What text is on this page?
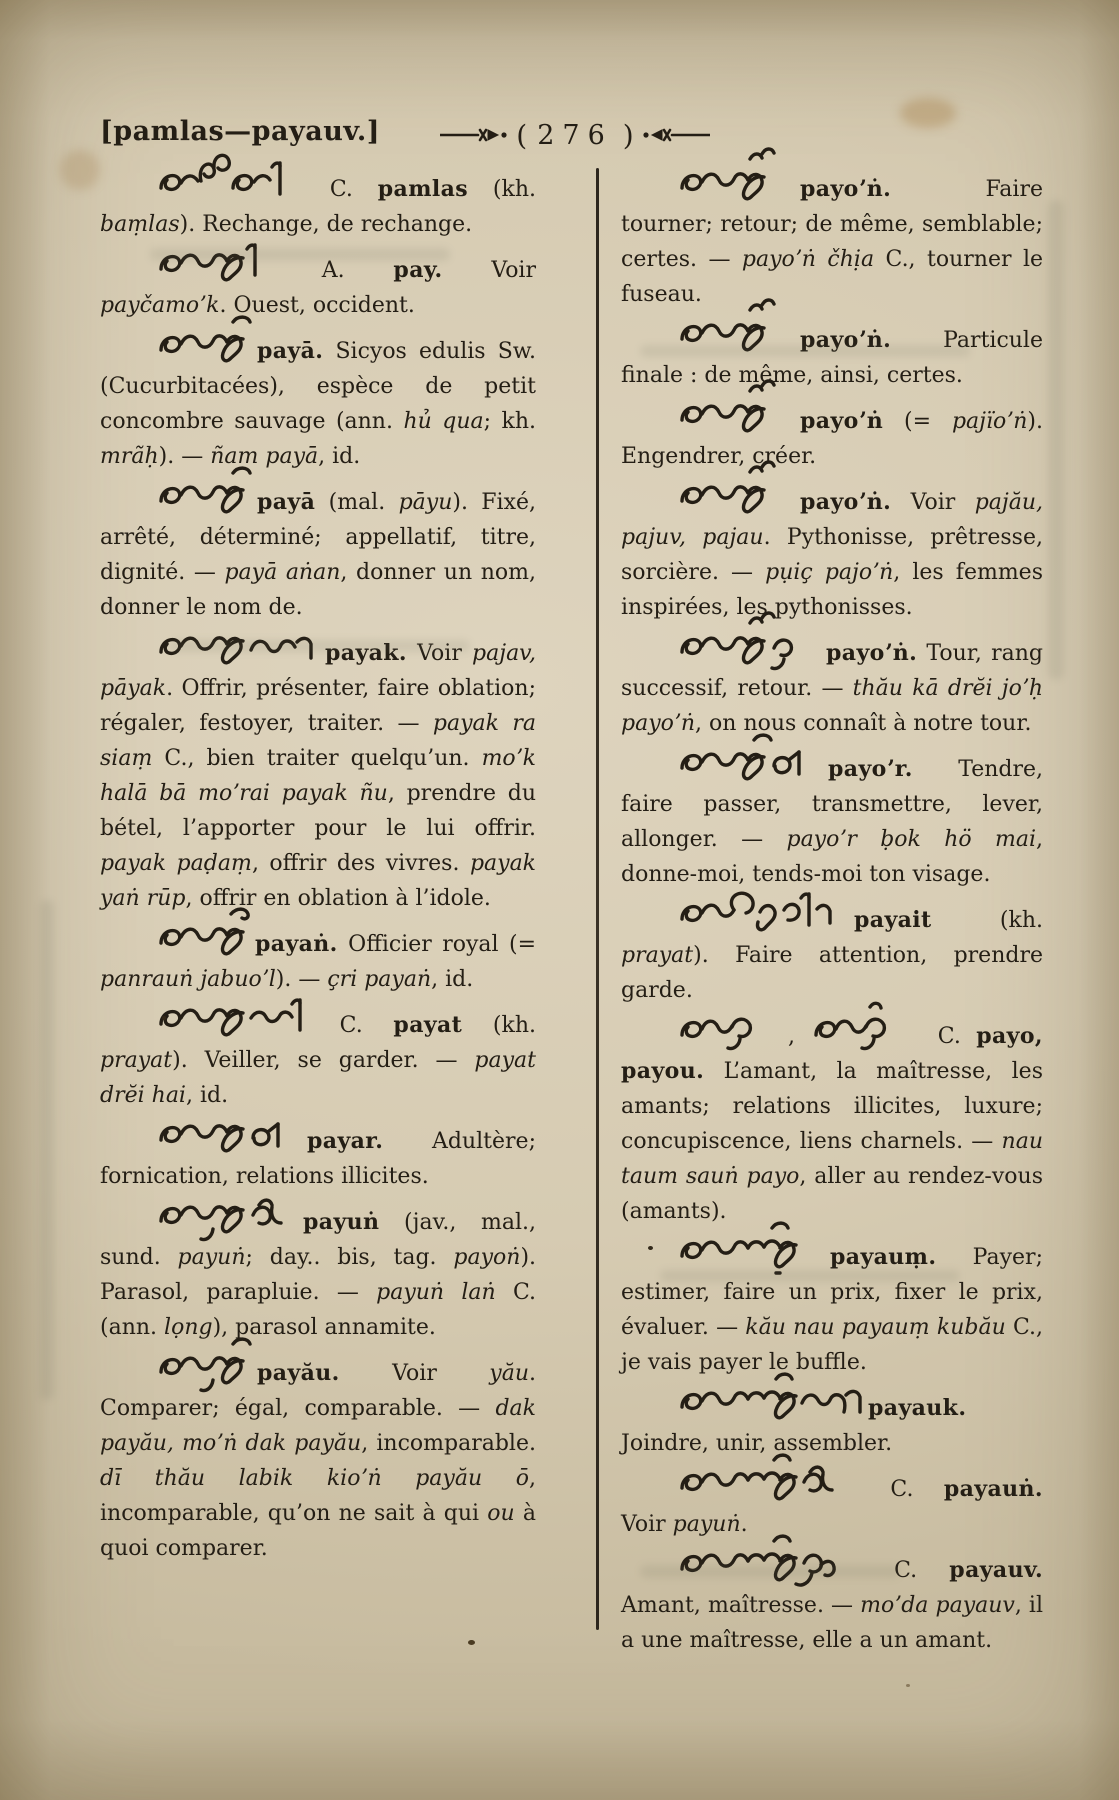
[pamlas—payauv.]	( 276 )

C. pamlas (kh. baṃlas). Rechange, de rechange.

A. pay. Voir payčamoʼk. Ouest, occident.

payā. Sicyos edulis Sw. (Cucurbitacées), espèce de petit concombre sauvage (ann. hủ qua; kh. mrãḥ). — ñam payā, id.

payā (mal. pāyu). Fixé, arrêté, déterminé; appellatif, titre, dignité. — payā aṅan, donner un nom, donner le nom de.

payak. Voir pajav, pāyak. Offrir, présenter, faire oblation; régaler, festoyer, traiter. — payak ra siaṃ C., bien traiter quelqu’un. moʼk halā bā moʼrai payak ñu, prendre du bétel, l’apporter pour le lui offrir. payak paḍaṃ, offrir des vivres. payak yaṅ rūp, offrir en oblation à l’idole.

payaṅ. Officier royal (= panrauṅ jabuoʼl). — çri payaṅ, id.

C. payat (kh. prayat). Veiller, se garder. — payat drĕi hai, id.

payar. Adultère; fornication, relations illicites.

payuṅ (jav., mal., sund. payuṅ; day.. bis, tag. payoṅ). Parasol, parapluie. — payuṅ laṅ C. (ann. lọng), parasol annamite.

payău. Voir yău. Comparer; égal, comparable. — dak payău, moʼṅ dak payău, incomparable. dī thău labik kioʼṅ payău ō, incomparable, qu’on ne sait à qui ou à quoi comparer.

payoʼṅ. Faire tourner; retour; de même, semblable; certes. — payoʼṅ čhịa C., tourner le fuseau.

payoʼṅ. Particule finale : de même, ainsi, certes.

payoʼṅ (= pajïoʼṅ). Engendrer, créer.

payoʼṅ. Voir pajău, pajuv, pajau. Pythonisse, prêtresse, sorcière. — pụiç pajoʼṅ, les femmes inspirées, les pythonisses.

payoʼṅ. Tour, rang successif, retour. — thău kā drĕi joʼḥ payoʼṅ, on nous connaît à notre tour.

payoʼr. Tendre, faire passer, transmettre, lever, allonger. — payoʼr ḅok hö mai, donne-moi, tends-moi ton visage.

payait (kh. prayat). Faire attention, prendre garde.

,	C. payo, payou. L’amant, la maîtresse, les amants; relations illicites, luxure; concupiscence, liens charnels. — nau taum sauṅ payo, aller au rendez-vous (amants).

payauṃ. Payer; estimer, faire un prix, fixer le prix, évaluer. — kău nau payauṃ kubău C., je vais payer le buffle.

payauk. Joindre, unir, assembler.

C. payauṅ. Voir payuṅ.

C. payauv. Amant, maîtresse. — moʼda payauv, il a une maîtresse, elle a un amant.
